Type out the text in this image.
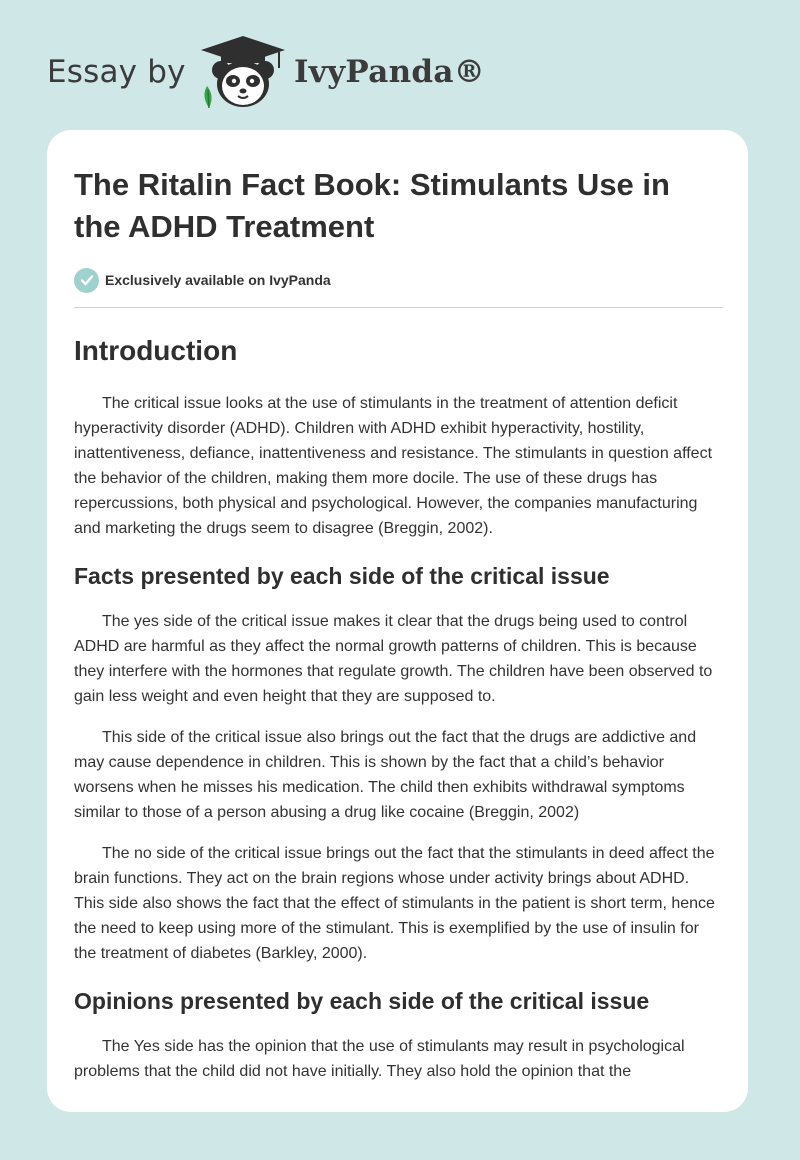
Essay by	IvyPanda®
The Ritalin Fact Book: Stimulants Use in the ADHD Treatment
Exclusively available on IvyPanda
Introduction

The critical issue looks at the use of stimulants in the treatment of attention deficit hyperactivity disorder (ADHD). Children with ADHD exhibit hyperactivity, hostility, inattentiveness, defiance, inattentiveness and resistance. The stimulants in question affect the behavior of the children, making them more docile. The use of these drugs has repercussions, both physical and psychological. However, the companies manufacturing and marketing the drugs seem to disagree (Breggin, 2002).

Facts presented by each side of the critical issue

The yes side of the critical issue makes it clear that the drugs being used to control ADHD are harmful as they affect the normal growth patterns of children. This is because they interfere with the hormones that regulate growth. The children have been observed to gain less weight and even height that they are supposed to.

This side of the critical issue also brings out the fact that the drugs are addictive and may cause dependence in children. This is shown by the fact that a child’s behavior worsens when he misses his medication. The child then exhibits withdrawal symptoms similar to those of a person abusing a drug like cocaine (Breggin, 2002)

The no side of the critical issue brings out the fact that the stimulants in deed affect the brain functions. They act on the brain regions whose under activity brings about ADHD. This side also shows the fact that the effect of stimulants in the patient is short term, hence the need to keep using more of the stimulant. This is exemplified by the use of insulin for the treatment of diabetes (Barkley, 2000).

Opinions presented by each side of the critical issue

The Yes side has the opinion that the use of stimulants may result in psychological problems that the child did not have initially. They also hold the opinion that the
